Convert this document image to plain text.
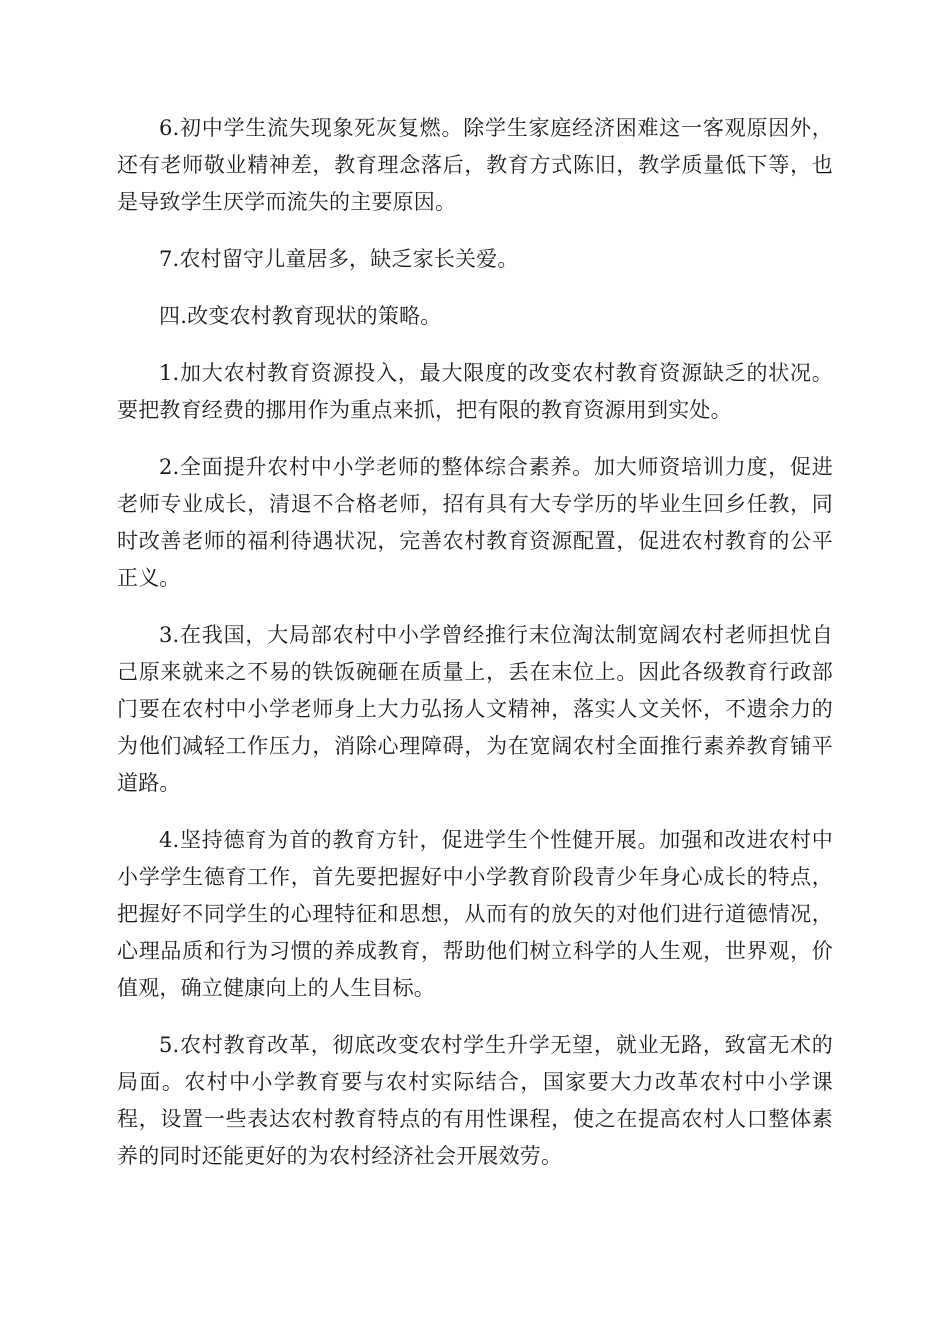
6.初中学生流失现象死灰复燃。除学生家庭经济困难这一客观原因外，还有老师敬业精神差，教育理念落后，教育方式陈旧，教学质量低下等，也是导致学生厌学而流失的主要原因。

7.农村留守儿童居多，缺乏家长关爱。

四.改变农村教育现状的策略。

1.加大农村教育资源投入，最大限度的改变农村教育资源缺乏的状况。要把教育经费的挪用作为重点来抓，把有限的教育资源用到实处。

2.全面提升农村中小学老师的整体综合素养。加大师资培训力度，促进老师专业成长，清退不合格老师，招有具有大专学历的毕业生回乡任教，同时改善老师的福利待遇状况，完善农村教育资源配置，促进农村教育的公平正义。

3.在我国，大局部农村中小学曾经推行末位淘汰制宽阔农村老师担忧自己原来就来之不易的铁饭碗砸在质量上，丢在末位上。因此各级教育行政部门要在农村中小学老师身上大力弘扬人文精神，落实人文关怀，不遗余力的为他们减轻工作压力，消除心理障碍，为在宽阔农村全面推行素养教育铺平道路。

4.坚持德育为首的教育方针，促进学生个性健开展。加强和改进农村中小学学生德育工作，首先要把握好中小学教育阶段青少年身心成长的特点，把握好不同学生的心理特征和思想，从而有的放矢的对他们进行道德情况，心理品质和行为习惯的养成教育，帮助他们树立科学的人生观，世界观，价值观，确立健康向上的人生目标。

5.农村教育改革，彻底改变农村学生升学无望，就业无路，致富无术的局面。农村中小学教育要与农村实际结合，国家要大力改革农村中小学课程，设置一些表达农村教育特点的有用性课程，使之在提高农村人口整体素养的同时还能更好的为农村经济社会开展效劳。
